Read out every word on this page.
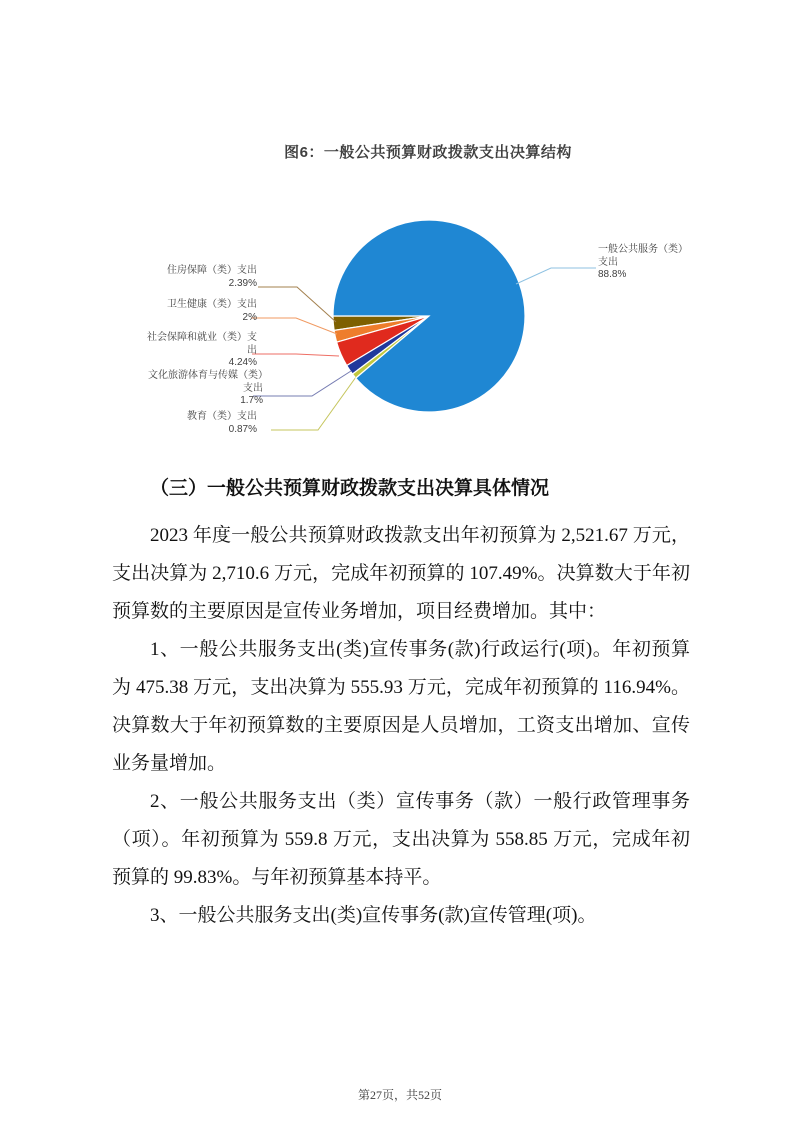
图6：一般公共预算财政拨款支出决算结构
住房保障（类）支出
2.39%
卫生健康（类）支出
2%
社会保障和就业（类）支出
4.24%
文化旅游体育与传媒（类）支出
1.7%
教育（类）支出
0.87%
一般公共服务（类）支出
88.8%
（三）一般公共预算财政拨款支出决算具体情况

2023 年度一般公共预算财政拨款支出年初预算为 2,521.67 万元，支出决算为 2,710.6 万元，完成年初预算的 107.49%。决算数大于年初预算数的主要原因是宣传业务增加，项目经费增加。其中：

1、一般公共服务支出(类)宣传事务(款)行政运行(项)。年初预算为 475.38 万元，支出决算为 555.93 万元，完成年初预算的 116.94%。决算数大于年初预算数的主要原因是人员增加，工资支出增加、宣传业务量增加。

2、一般公共服务支出（类）宣传事务（款）一般行政管理事务（项）。年初预算为 559.8 万元，支出决算为 558.85 万元，完成年初预算的 99.83%。与年初预算基本持平。

3、一般公共服务支出(类)宣传事务(款)宣传管理(项)。

第27页，共52页
